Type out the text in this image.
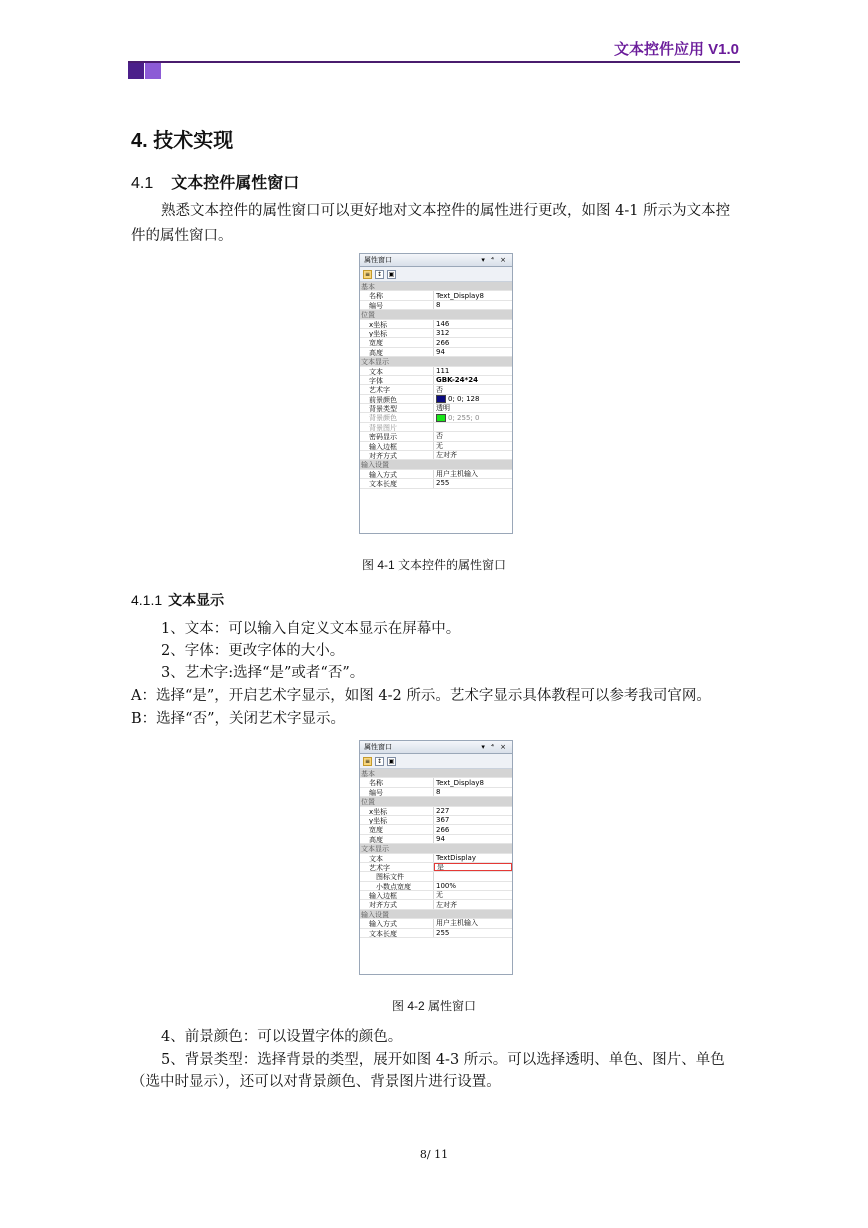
文本控件应用 V1.0
4. 技术实现
4.1 文本控件属性窗口
熟悉文本控件的属性窗口可以更好地对文本控件的属性进行更改，如图 4-1 所示为文本控件的属性窗口。
属性窗口	▾ ⁴ ×
≡	↕	▣
基本
名称	Text_Display8
编号	8
位置
x坐标	146
y坐标	312
宽度	266
高度	94
文本显示
文本	111
字体	GBK-24*24
艺术字	否
前景颜色	0; 0; 128
背景类型	透明
背景颜色	0; 255; 0
背景图片
密码显示	否
输入边框	无
对齐方式	左对齐
输入设置
输入方式	用户主机输入
文本长度	255
图 4-1 文本控件的属性窗口
4.1.1 文本显示
1、文本：可以输入自定义文本显示在屏幕中。
2、字体：更改字体的大小。
3、艺术字:选择“是”或者“否”。
A：选择“是”，开启艺术字显示，如图 4-2 所示。艺术字显示具体教程可以参考我司官网。
B：选择“否”，关闭艺术字显示。
属性窗口	▾ ⁴ ×
≡	↕	▣
基本
名称	Text_Display8
编号	8
位置
x坐标	227
y坐标	367
宽度	266
高度	94
文本显示
文本	TextDisplay
艺术字	是
图标文件
小数点宽度	100%
输入边框	无
对齐方式	左对齐
输入设置
输入方式	用户主机输入
文本长度	255
图 4-2 属性窗口
4、前景颜色：可以设置字体的颜色。
5、背景类型：选择背景的类型，展开如图 4-3 所示。可以选择透明、单色、图片、单色（选中时显示），还可以对背景颜色、背景图片进行设置。
8/ 11
